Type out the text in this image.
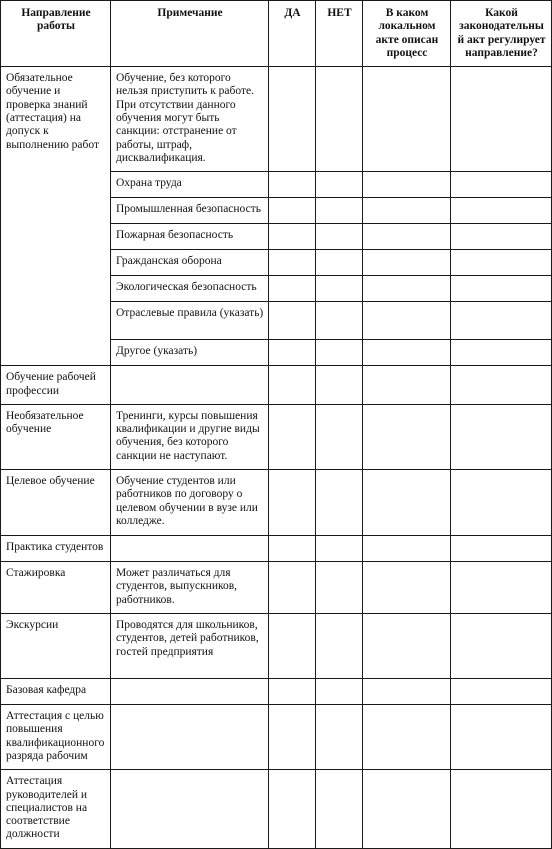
Направление работы	Примечание	ДА	НЕТ	В каком локальном акте описан процесс	Какой законодательный акт регулирует направление?
Обязательное обучение и проверка знаний (аттестация) на допуск к выполнению работ	Обучение, без которого нельзя приступить к работе. При отсутствии данного обучения могут быть санкции: отстранение от работы, штраф, дисквалификация.				
	Охрана труда				
	Промышленная безопасность				
	Пожарная безопасность				
	Гражданская оборона				
	Экологическая безопасность				
	Отраслевые правила (указать)				
	Другое (указать)				
Обучение рабочей профессии					
Необязательное обучение	Тренинги, курсы повышения квалификации и другие виды обучения, без которого санкции не наступают.				
Целевое обучение	Обучение студентов или работников по договору о целевом обучении в вузе или колледже.				
Практика студентов					
Стажировка	Может различаться для студентов, выпускников, работников.				
Экскурсии	Проводятся для школьников, студентов, детей работников, гостей предприятия				
Базовая кафедра					
Аттестация с целью повышения квалификационного разряда рабочим					
Аттестация руководителей и специалистов на соответствие должности					
